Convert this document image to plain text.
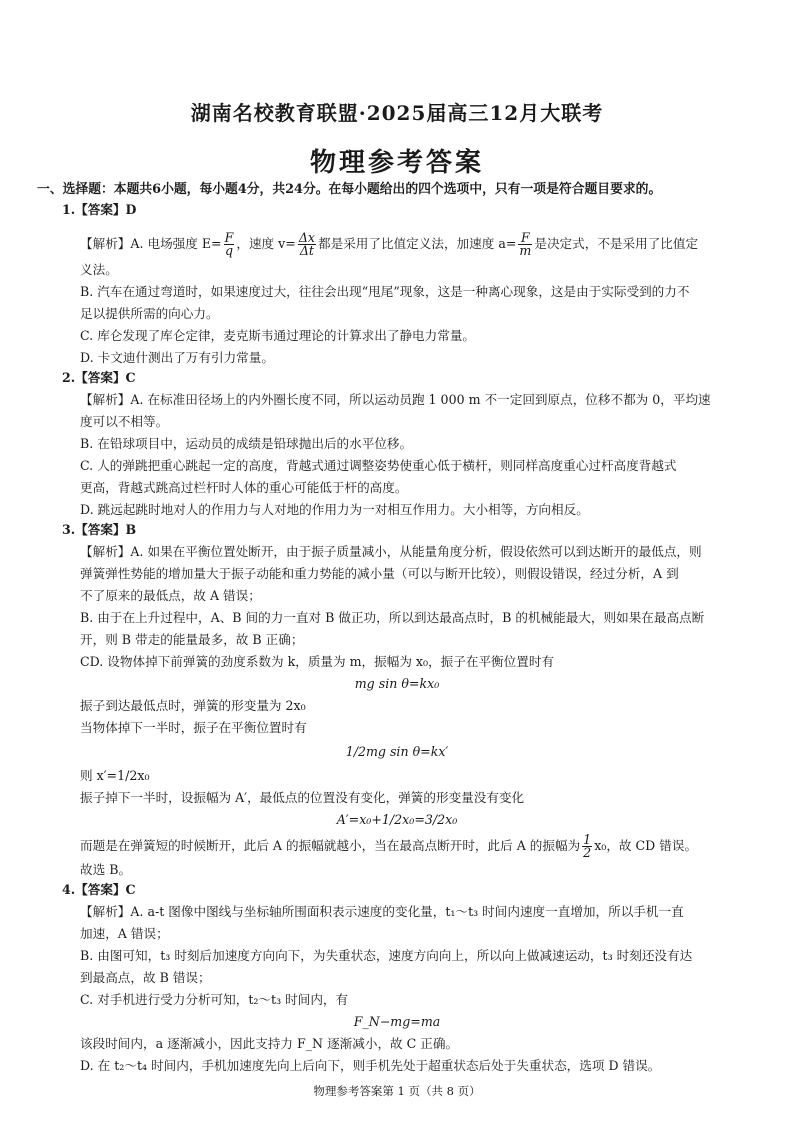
湖南名校教育联盟·2025届高三12月大联考
物理参考答案
一、选择题：本题共6小题，每小题4分，共24分。在每小题给出的四个选项中，只有一项是符合题目要求的。
1.【答案】D
【解析】A. 电场强度 $E= \frac{F}{q}$ ，速度 $v= \frac{\Delta x}{\Delta t}$ 都是采用了比值定义法，加速度 $a= \frac{F}{m}$ 是决定式，不是采用了比值定
义法。
B. 汽车在通过弯道时，如果速度过大，往往会出现“甩尾”现象，这是一种离心现象，这是由于实际受到的力不
足以提供所需的向心力。
C. 库仑发现了库仑定律，麦克斯韦通过理论的计算求出了静电力常量。
D. 卡文迪什测出了万有引力常量。
2.【答案】C
【解析】A. 在标准田径场上的内外圈长度不同，所以运动员跑 1 000 m 不一定回到原点，位移不都为 0，平均速
度可以不相等。
B. 在铅球项目中，运动员的成绩是铅球抛出后的水平位移。
C. 人的弹跳把重心跳起一定的高度，背越式通过调整姿势使重心低于横杆，则同样高度重心过杆高度背越式
更高，背越式跳高过栏杆时人体的重心可能低于杆的高度。
D. 跳远起跳时地对人的作用力与人对地的作用力为一对相互作用力。大小相等，方向相反。
3.【答案】B
【解析】A. 如果在平衡位置处断开，由于振子质量减小，从能量角度分析，假设依然可以到达断开的最低点，则
弹簧弹性势能的增加量大于振子动能和重力势能的减小量（可以与断开比较），则假设错误，经过分析，A 到
不了原来的最低点，故 A 错误；
B. 由于在上升过程中，A、B 间的力一直对 B 做正功，所以到达最高点时，B 的机械能最大，则如果在最高点断
开，则 B 带走的能量最多，故 B 正确；
CD. 设物体掉下前弹簧的劲度系数为 k，质量为 m，振幅为 x₀，振子在平衡位置时有
mg sin θ=kx₀
振子到达最低点时，弹簧的形变量为 2x₀
当物体掉下一半时，振子在平衡位置时有
1/2mg sin θ=kx′
则 x′=1/2x₀
振子掉下一半时，设振幅为 A′，最低点的位置没有变化，弹簧的形变量没有变化
A′=x₀+1/2x₀=3/2x₀
而题是在弹簧短的时候断开，此后 A 的振幅就越小，当在最高点断开时，此后 A 的振幅为 $\frac{1}{2} x_0$，故 CD 错误。
故选 B。
4.【答案】C
【解析】A. a-t 图像中图线与坐标轴所围面积表示速度的变化量，t₁～t₃ 时间内速度一直增加，所以手机一直
加速，A 错误；
B. 由图可知，t₃ 时刻后加速度方向向下，为失重状态，速度方向向上，所以向上做减速运动，t₃ 时刻还没有达
到最高点，故 B 错误；
C. 对手机进行受力分析可知，t₂～t₃ 时间内，有
F_N−mg=ma
该段时间内，a 逐渐减小，因此支持力 F_N 逐渐减小，故 C 正确。
D. 在 t₂～t₄ 时间内，手机加速度先向上后向下，则手机先处于超重状态后处于失重状态，选项 D 错误。
物理参考答案第 1 页（共 8 页）
